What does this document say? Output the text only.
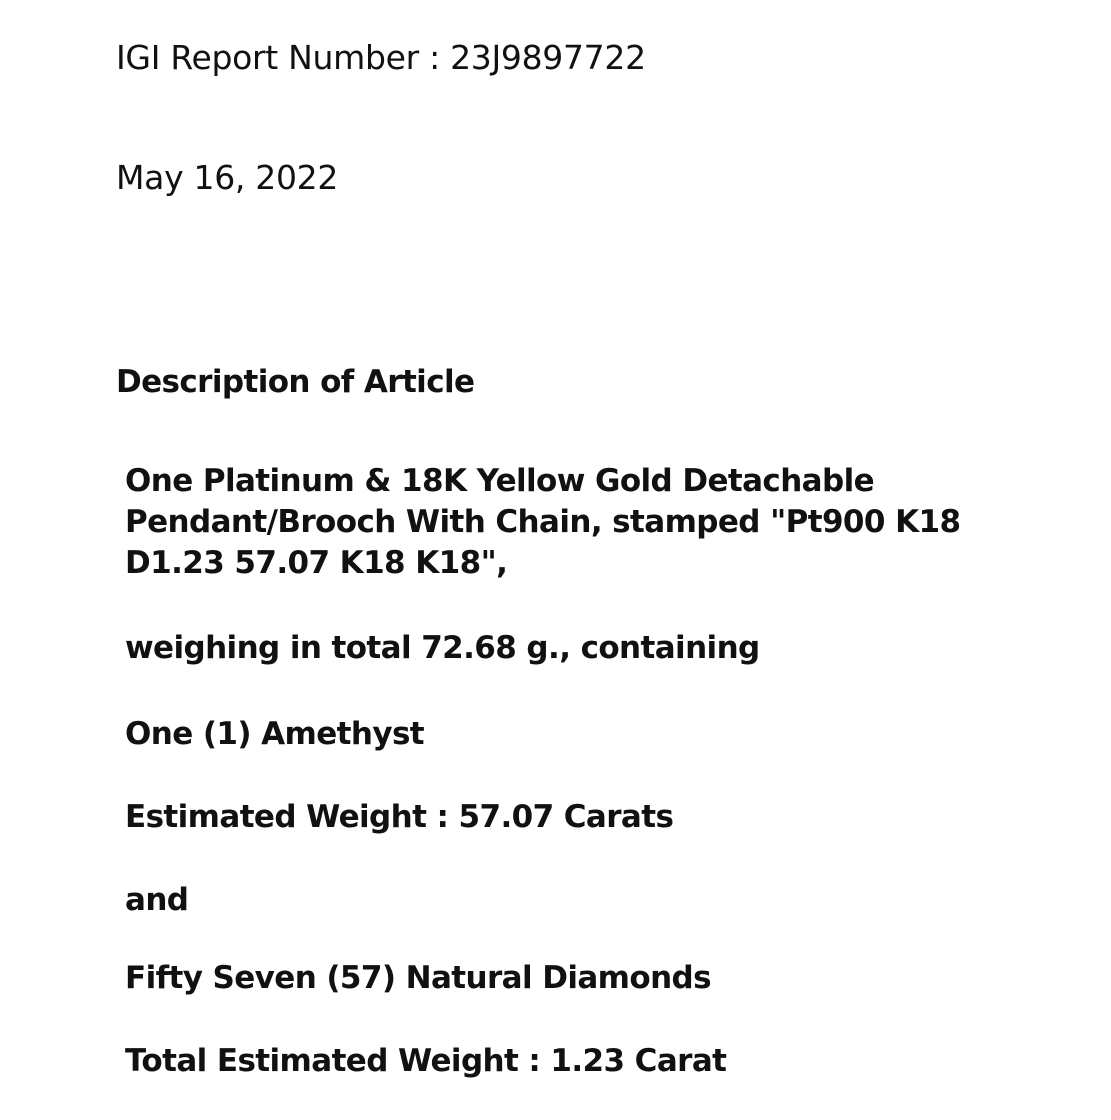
IGI Report Number : 23J9897722

May 16, 2022

Description of Article

One Platinum & 18K Yellow Gold Detachable
Pendant/Brooch With Chain, stamped "Pt900 K18
D1.23 57.07 K18 K18",

weighing in total 72.68 g., containing

One (1) Amethyst

Estimated Weight : 57.07 Carats

and

Fifty Seven (57) Natural Diamonds

Total Estimated Weight : 1.23 Carat
